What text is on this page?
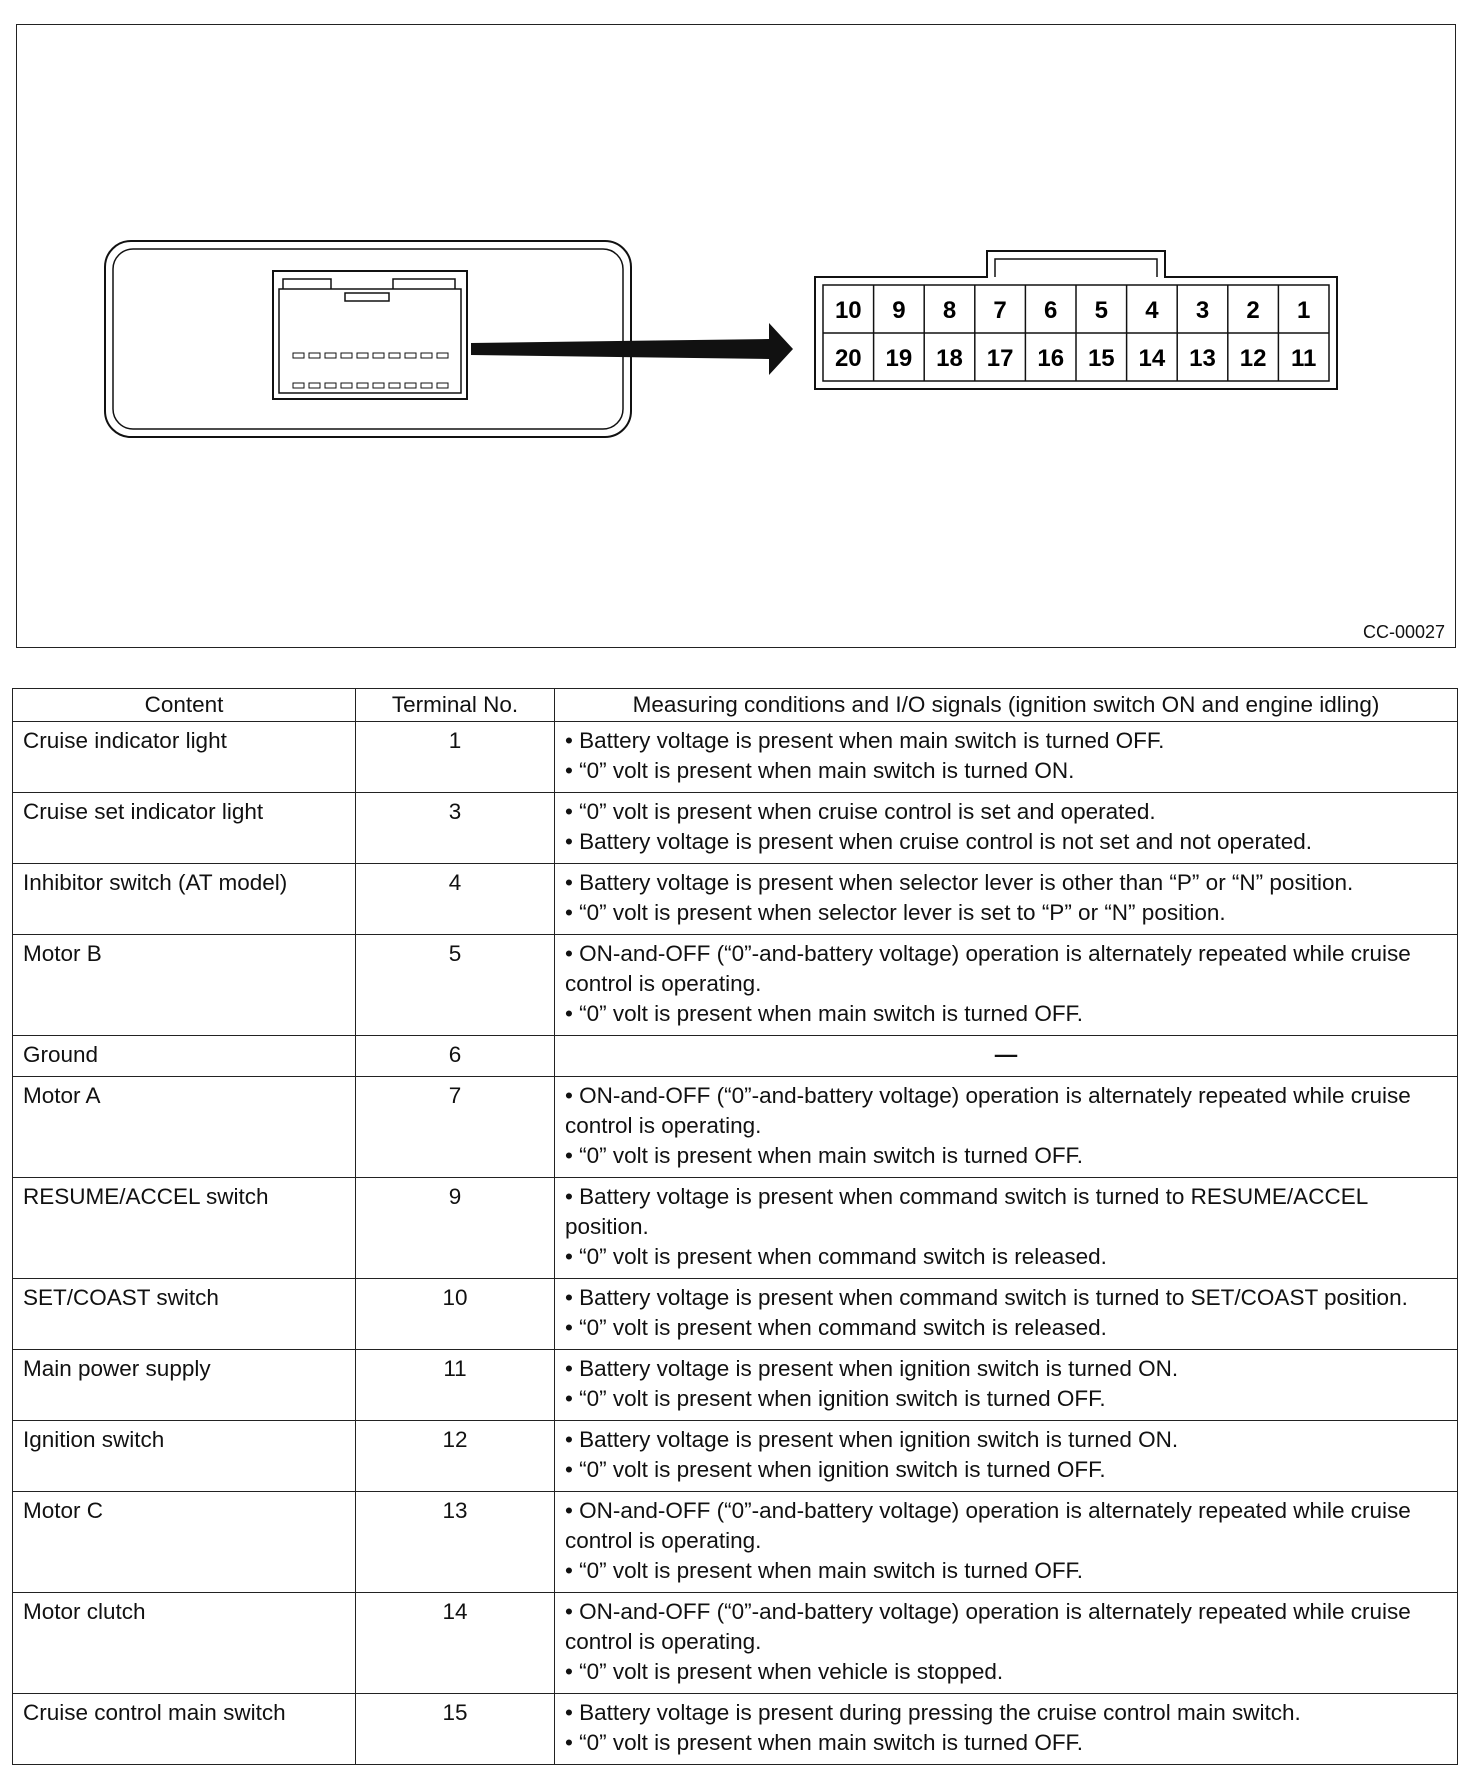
10 9 8 7 6 5 4 3 2 1
20 19 18 17 16 15 14 13 12 11
CC-00027
Content	Terminal No.	Measuring conditions and I/O signals (ignition switch ON and engine idling)
Cruise indicator light	1	• Battery voltage is present when main switch is turned OFF.
• “0” volt is present when main switch is turned ON.

Cruise set indicator light	3	• “0” volt is present when cruise control is set and operated.
• Battery voltage is present when cruise control is not set and not operated.

Inhibitor switch (AT model)	4	• Battery voltage is present when selector lever is other than “P” or “N” position.
• “0” volt is present when selector lever is set to “P” or “N” position.

Motor B	5	• ON-and-OFF (“0”-and-battery voltage) operation is alternately repeated while cruise control is operating.
• “0” volt is present when main switch is turned OFF.

Ground	6	—
Motor A	7	• ON-and-OFF (“0”-and-battery voltage) operation is alternately repeated while cruise control is operating.
• “0” volt is present when main switch is turned OFF.

RESUME/ACCEL switch	9	• Battery voltage is present when command switch is turned to RESUME/ACCEL position.
• “0” volt is present when command switch is released.

SET/COAST switch	10	• Battery voltage is present when command switch is turned to SET/COAST position.
• “0” volt is present when command switch is released.

Main power supply	11	• Battery voltage is present when ignition switch is turned ON.
• “0” volt is present when ignition switch is turned OFF.

Ignition switch	12	• Battery voltage is present when ignition switch is turned ON.
• “0” volt is present when ignition switch is turned OFF.

Motor C	13	• ON-and-OFF (“0”-and-battery voltage) operation is alternately repeated while cruise control is operating.
• “0” volt is present when main switch is turned OFF.

Motor clutch	14	• ON-and-OFF (“0”-and-battery voltage) operation is alternately repeated while cruise control is operating.
• “0” volt is present when vehicle is stopped.

Cruise control main switch	15	• Battery voltage is present during pressing the cruise control main switch.
• “0” volt is present when main switch is turned OFF.
